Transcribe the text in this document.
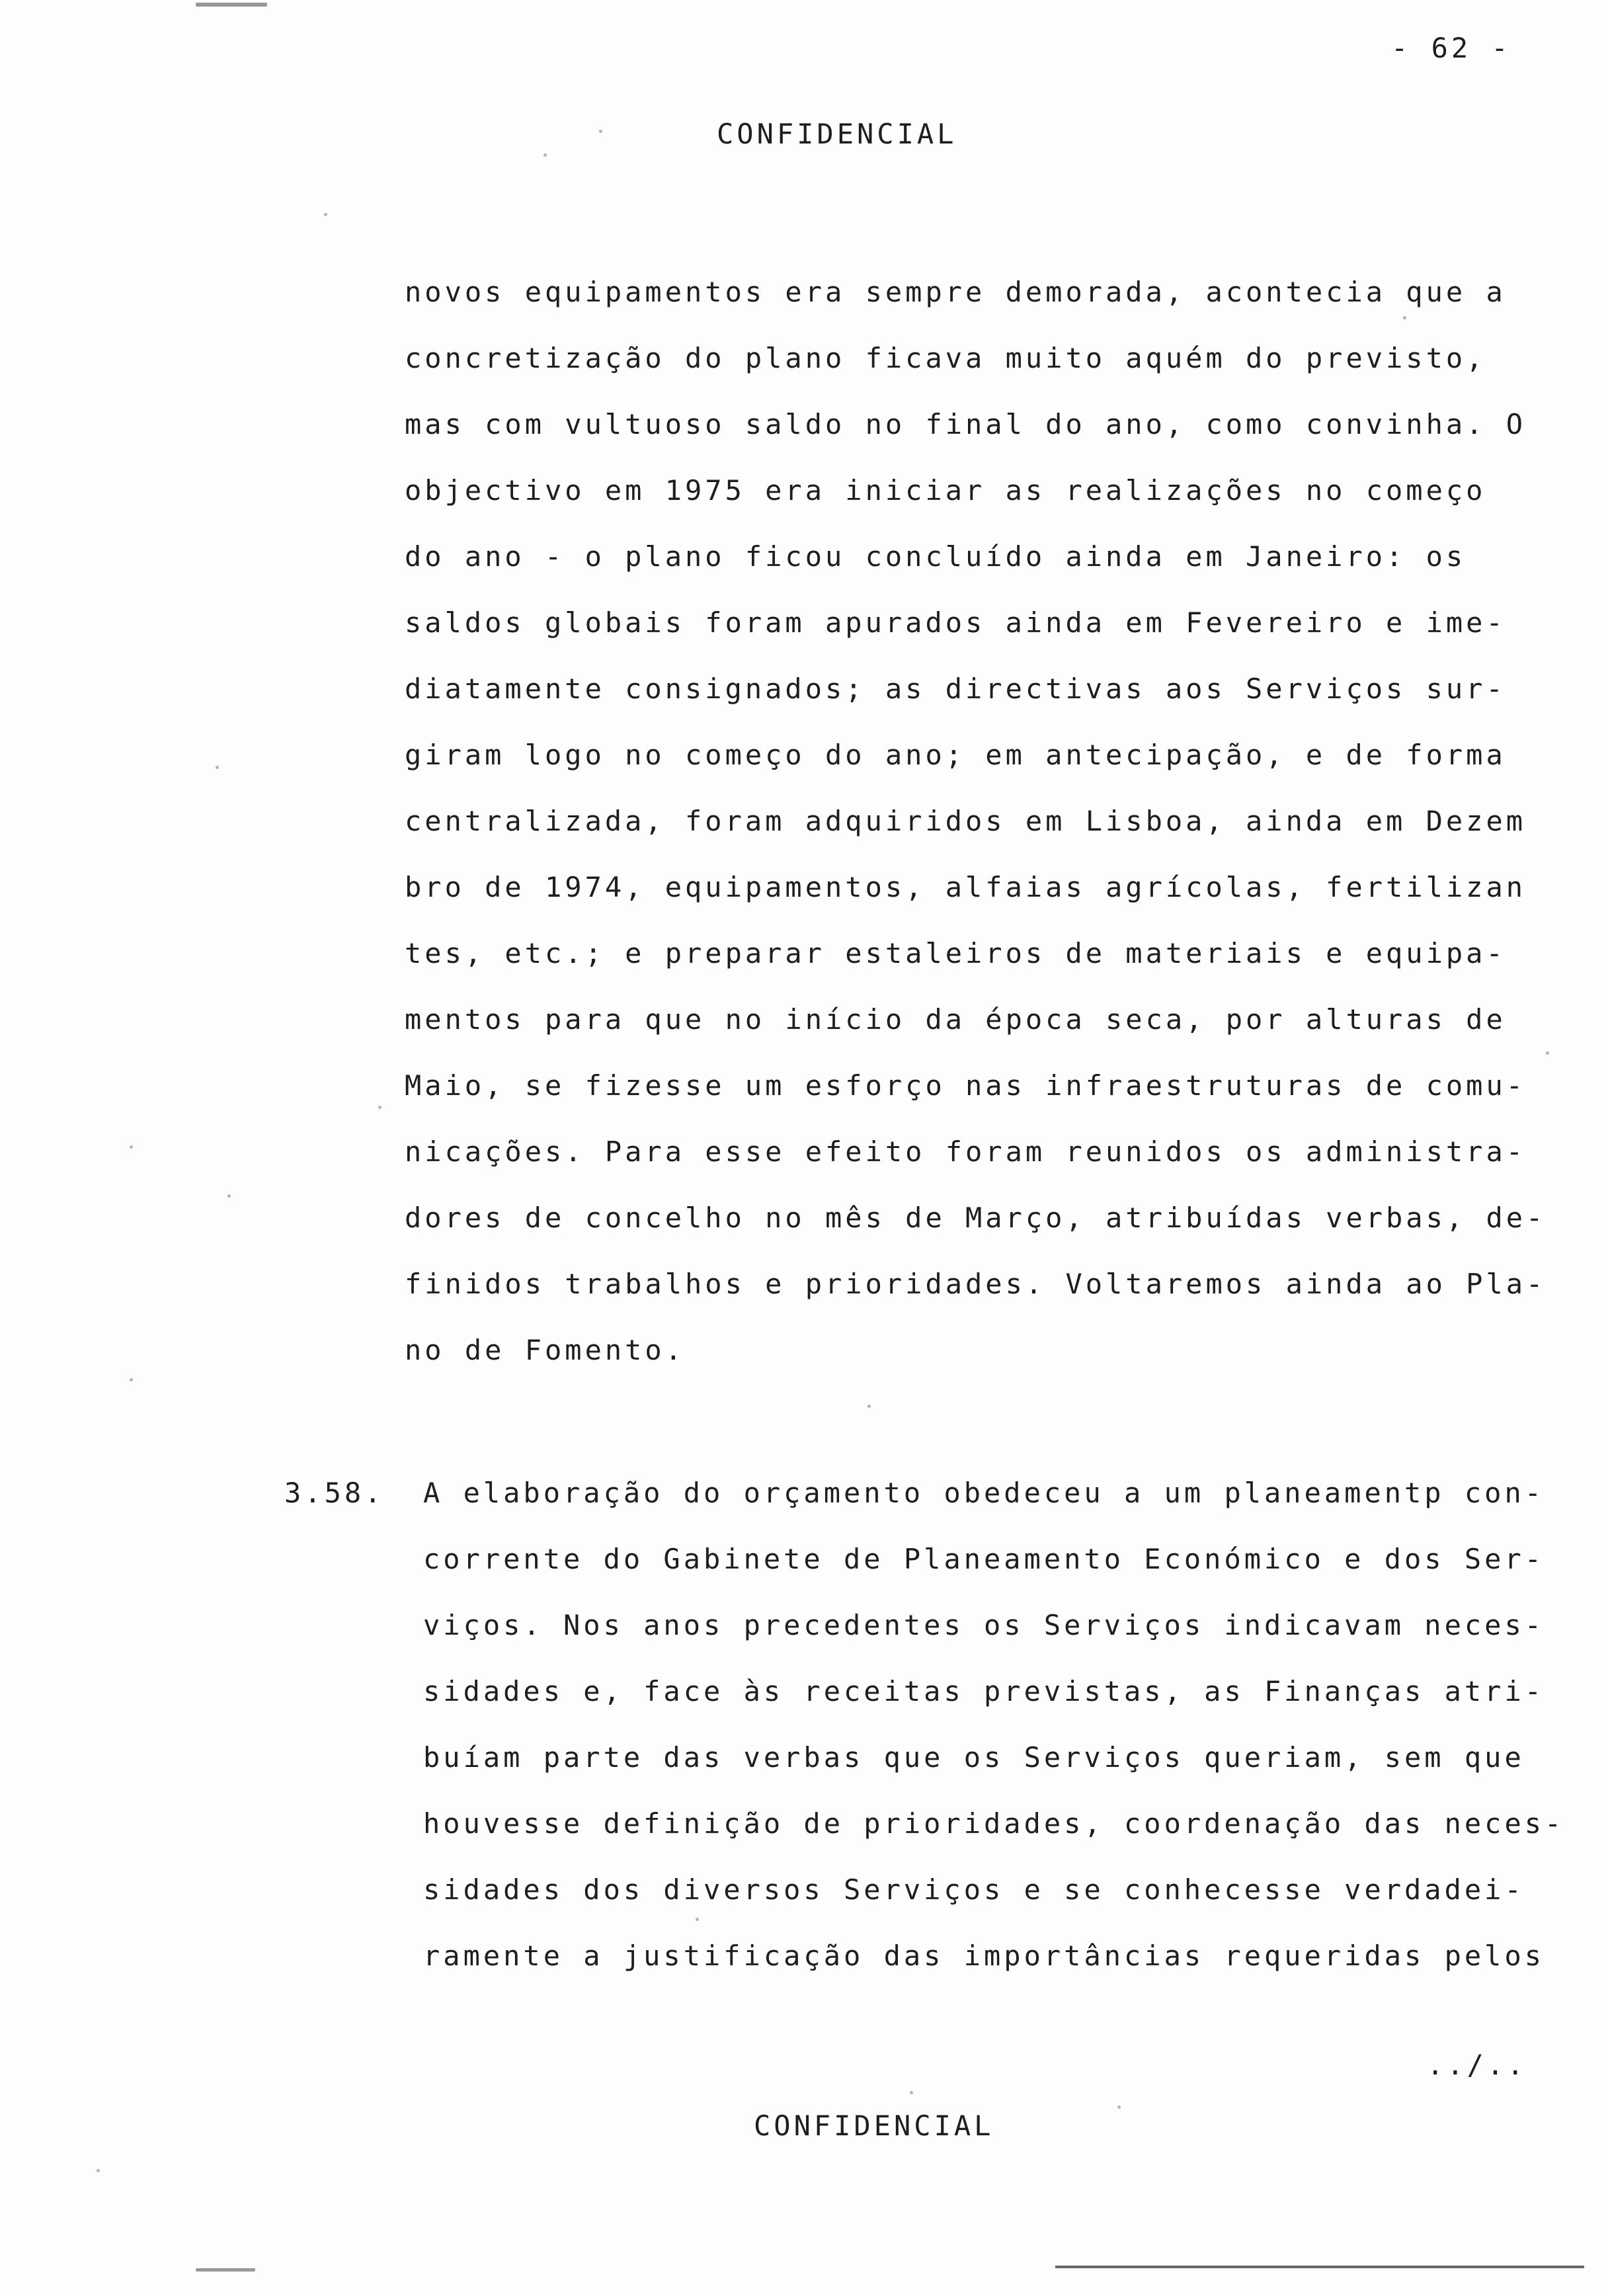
- 62 -
CONFIDENCIAL
../..
CONFIDENCIAL
novos equipamentos era sempre demorada, acontecia que a
concretização do plano ficava muito aquém do previsto,
mas com vultuoso saldo no final do ano, como convinha. O
objectivo em 1975 era iniciar as realizações no começo
do ano - o plano ficou concluído ainda em Janeiro: os
saldos globais foram apurados ainda em Fevereiro e ime-
diatamente consignados; as directivas aos Serviços sur-
giram logo no começo do ano; em antecipação, e de forma
centralizada, foram adquiridos em Lisboa, ainda em Dezem
bro de 1974, equipamentos, alfaias agrícolas, fertilizan
tes, etc.; e preparar estaleiros de materiais e equipa-
mentos para que no início da época seca, por alturas de
Maio, se fizesse um esforço nas infraestruturas de comu-
nicações. Para esse efeito foram reunidos os administra-
dores de concelho no mês de Março, atribuídas verbas, de-
finidos trabalhos e prioridades. Voltaremos ainda ao Pla-
no de Fomento.
3.58. A elaboração do orçamento obedeceu a um planeamentp con-
corrente do Gabinete de Planeamento Económico e dos Ser-
viços. Nos anos precedentes os Serviços indicavam neces-
sidades e, face às receitas previstas, as Finanças atri-
buíam parte das verbas que os Serviços queriam, sem que
houvesse definição de prioridades, coordenação das neces-
sidades dos diversos Serviços e se conhecesse verdadei-
ramente a justificação das importâncias requeridas pelos
